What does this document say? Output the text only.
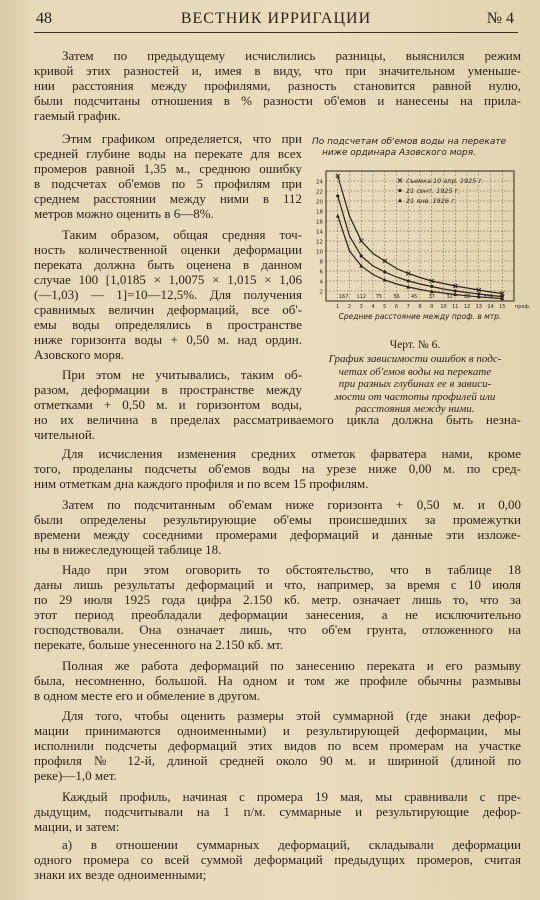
48	ВЕСТНИК ИРРИГАЦИИ	№ 4
Затем по предыдущему исчислились разницы, выяснился режим
кривой этих разностей и, имея в виду, что при значительном уменьше-
нии расстояния между профилями, разность становится равной нулю,
были подсчитаны отношения в % разности об'емов и нанесены на прила-
гаемый график.
Этим графиком определяется, что при
средней глубине воды на перекате для всех
промеров равной 1,35 м., среднюю ошибку
в подсчетах об'емов по 5 профилям при
среднем расстоянии между ними в 112
метров можно оценить в 6—8%.
Таким образом, общая средняя точ-
ность количественной оценки деформации
переката должна быть оценена в данном
случае 100 [1,0185 × 1,0075 × 1,015 × 1,06
(—1,03) — 1]=10—12,5%. Для получения
сравнимых величин деформаций, все об'-
емы воды определялись в пространстве
ниже горизонта воды + 0,50 м. над ордин.
Азовского моря.
При этом не учитывались, таким об-
разом, деформации в пространстве между
отметками + 0,50 м. и горизонтом воды,
но их величина в пределах рассматриваемого цикла должна быть незна-
чительной.
Для исчисления изменения средних отметок фарватера нами, кроме
того, проделаны подсчеты об'емов воды на урезе ниже 0,00 м. по сред-
ним отметкам дна каждого профиля и по всем 15 профилям.
Затем по подсчитанным об'емам ниже горизонта + 0,50 м. и 0,00
были определены результирующие об'емы происшедших за промежутки
времени между соседними промерами деформаций и данные эти изложе-
ны в нижеследующей таблице 18.
Надо при этом оговорить то обстоятельство, что в таблице 18
даны лишь результаты деформаций и что, например, за время с 10 июля
по 29 июля 1925 года цифра 2.150 кб. метр. означает лишь то, что за
этот период преобладали деформации занесения, а не исключительно
господствовали. Она означает лишь, что об'ем грунта, отложенного на
перекате, больше унесенного на 2.150 кб. мт.
Полная же работа деформаций по занесению переката и его размыву
была, несомненно, большой. На одном и том же профиле обычны размывы
в одном месте его и обмеление в другом.
Для того, чтобы оценить размеры этой суммарной (где знаки дефор-
мации принимаются одноименными) и результирующей деформации, мы
исполнили подсчеты деформаций этих видов по всем промерам на участке
профиля № 12-й, длиной средней около 90 м. и шириной (длиной по
реке)—1,0 мет.
Каждый профиль, начиная с промера 19 мая, мы сравнивали с пре-
дыдущим, подсчитывали на 1 п/м. суммарные и результирующие дефор-
мации, и затем:
а) в отношении суммарных деформаций, складывали деформации
одного промера со всей суммой деформаций предыдущих промеров, считая
знаки их везде одноименными;
По подсчетам об'емов воды на перекате
ниже ординара Азовского моря.
2
4
6
8
10
12
14
16
18
20
22
24
1 2 3 4 5 6 7 8 9 10 11 12 13 14 15 проф.
112 75 56 45 37 32 28
167	314
Среднее расстояние между проф. в мтр.
съемка 10 апр. 1925 г.
21 сент. 1925 г.
21 янв. 1926 г.
Черт. № 6.
График зависимости ошибок в подс-
четах об'емов воды на перекате
при разных глубинах ее в зависи-
мости от частоты профилей или
расстояния между ними.
